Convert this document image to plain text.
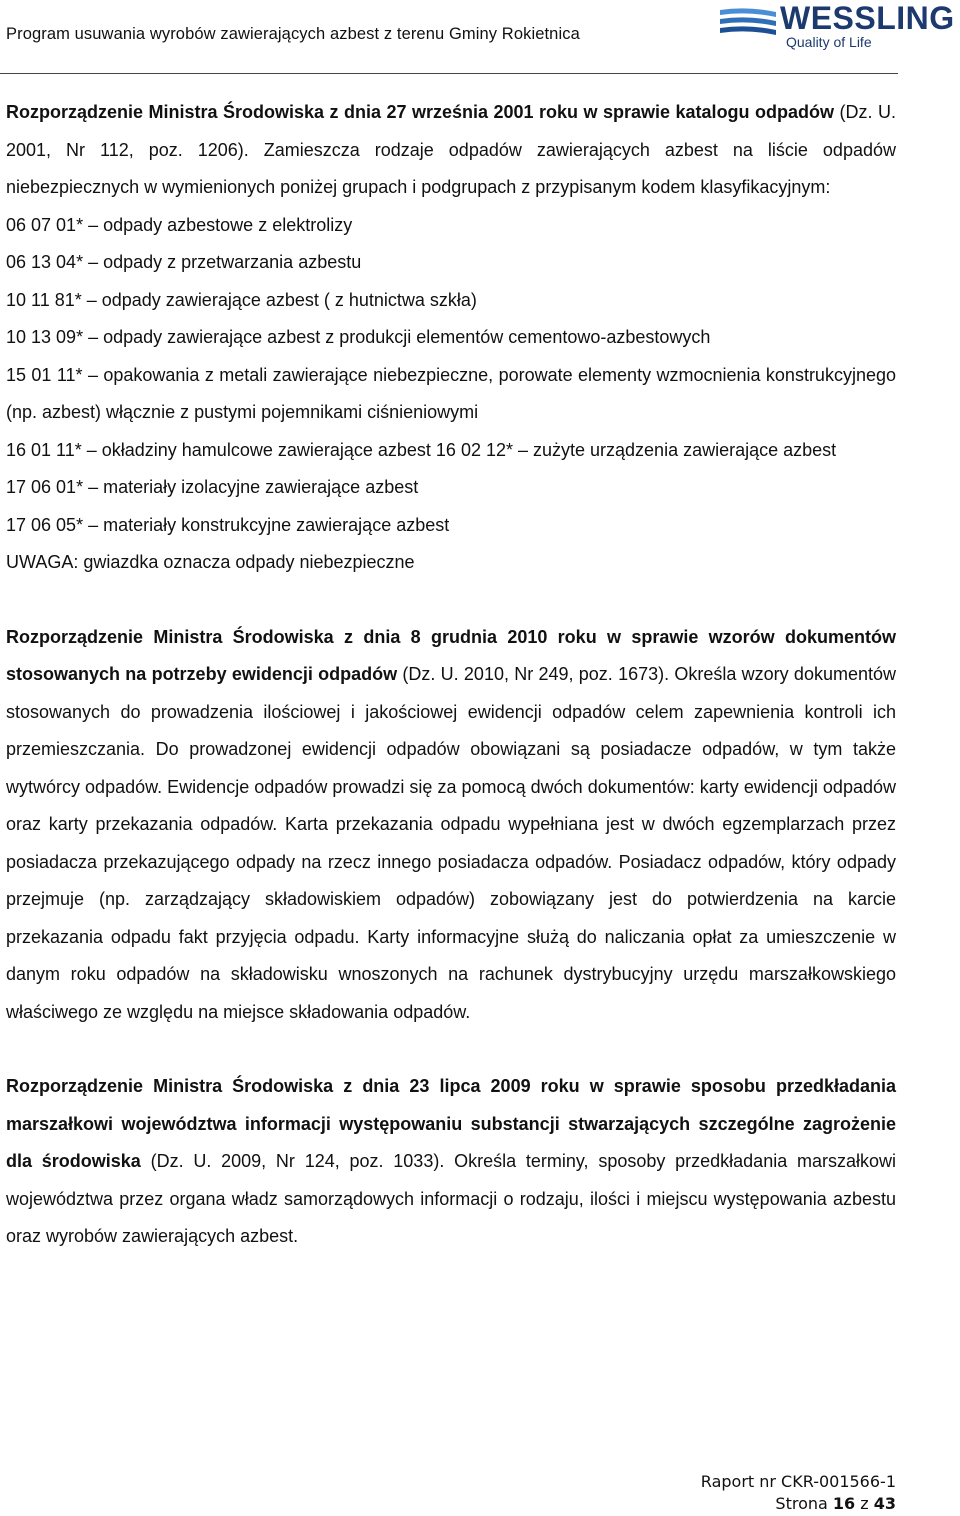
Program usuwania wyrobów zawierających azbest z terenu Gminy Rokietnica	WESSLING
Quality of Life

Rozporządzenie Ministra Środowiska z dnia 27 września 2001 roku w sprawie katalogu odpadów (Dz. U. 2001, Nr 112, poz. 1206). Zamieszcza rodzaje odpadów zawierających azbest na liście odpadów niebezpiecznych w wymienionych poniżej grupach i podgrupach z przypisanym kodem klasyfikacyjnym:

06 07 01* – odpady azbestowe z elektrolizy
06 13 04* – odpady z przetwarzania azbestu
10 11 81* – odpady zawierające azbest ( z hutnictwa szkła)
10 13 09* – odpady zawierające azbest z produkcji elementów cementowo-azbestowych

15 01 11* – opakowania z metali zawierające niebezpieczne, porowate elementy wzmocnienia konstrukcyjnego (np. azbest) włącznie z pustymi pojemnikami ciśnieniowymi

16 01 11* – okładziny hamulcowe zawierające azbest 16 02 12* – zużyte urządzenia zawierające azbest

17 06 01* – materiały izolacyjne zawierające azbest
17 06 05* – materiały konstrukcyjne zawierające azbest
UWAGA: gwiazdka oznacza odpady niebezpieczne

Rozporządzenie Ministra Środowiska z dnia 8 grudnia 2010 roku w sprawie wzorów dokumentów stosowanych na potrzeby ewidencji odpadów (Dz. U. 2010, Nr 249, poz. 1673). Określa wzory dokumentów stosowanych do prowadzenia ilościowej i jakościowej ewidencji odpadów celem zapewnienia kontroli ich przemieszczania. Do prowadzonej ewidencji odpadów obowiązani są posiadacze odpadów, w tym także wytwórcy odpadów. Ewidencje odpadów prowadzi się za pomocą dwóch dokumentów: karty ewidencji odpadów oraz karty przekazania odpadów. Karta przekazania odpadu wypełniana jest w dwóch egzemplarzach przez posiadacza przekazującego odpady na rzecz innego posiadacza odpadów. Posiadacz odpadów, który odpady przejmuje (np. zarządzający składowiskiem odpadów) zobowiązany jest do potwierdzenia na karcie przekazania odpadu fakt przyjęcia odpadu. Karty informacyjne służą do naliczania opłat za umieszczenie w danym roku odpadów na składowisku wnoszonych na rachunek dystrybucyjny urzędu marszałkowskiego właściwego ze względu na miejsce składowania odpadów.

Rozporządzenie Ministra Środowiska z dnia 23 lipca 2009 roku w sprawie sposobu przedkładania marszałkowi województwa informacji występowaniu substancji stwarzających szczególne zagrożenie dla środowiska (Dz. U. 2009, Nr 124, poz. 1033). Określa terminy, sposoby przedkładania marszałkowi województwa przez organa władz samorządowych informacji o rodzaju, ilości i miejscu występowania azbestu oraz wyrobów zawierających azbest.

Raport nr CKR-001566-1
Strona 16 z 43
